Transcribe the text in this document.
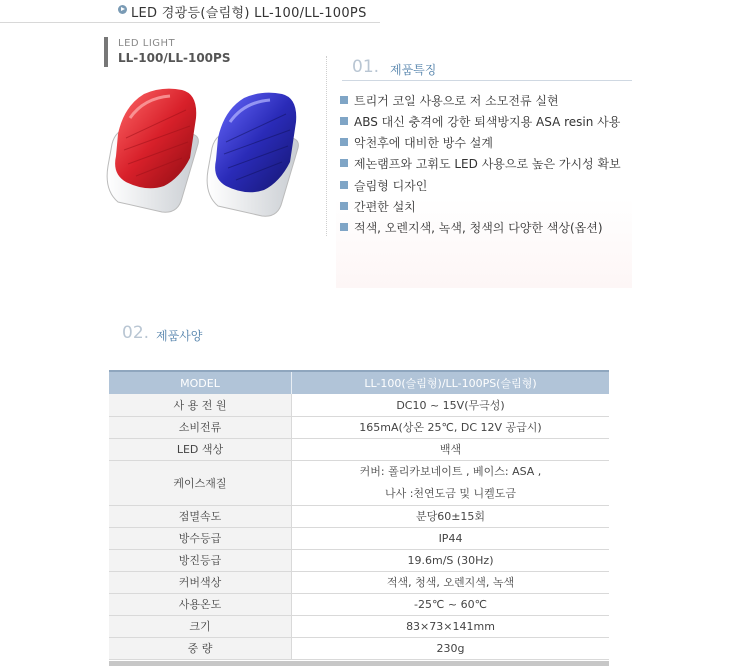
LED 경광등(슬림형) LL-100/LL-100PS
LED LIGHT
LL-100/LL-100PS	01. 제품특징
트리거 코일 사용으로 저 소모전류 실현
ABS 대신 충격에 강한 퇴색방지용 ASA resin 사용
악천후에 대비한 방수 설계
제논램프와 고휘도 LED 사용으로 높은 가시성 확보
슬림형 디자인
간편한 설치
적색, 오렌지색, 녹색, 청색의 다양한 색상(옵션)
02. 제품사양
MODEL	LL-100(슬림형)/LL-100PS(슬림형)
사 용 전 원	DC10 ~ 15V(무극성)
소비전류	165mA(상온 25℃, DC 12V 공급시)
LED 색상	백색
케이스재질	커버: 폴리카보네이트 , 베이스: ASA ,
나사 :천연도금 및 니켈도금

점멸속도	분당60±15회
방수등급	IP44
방진등급	19.6m/S (30Hz)
커버색상	적색, 청색, 오렌지색, 녹색
사용온도	-25℃ ~ 60℃
크기	83×73×141mm
중 량	230g
